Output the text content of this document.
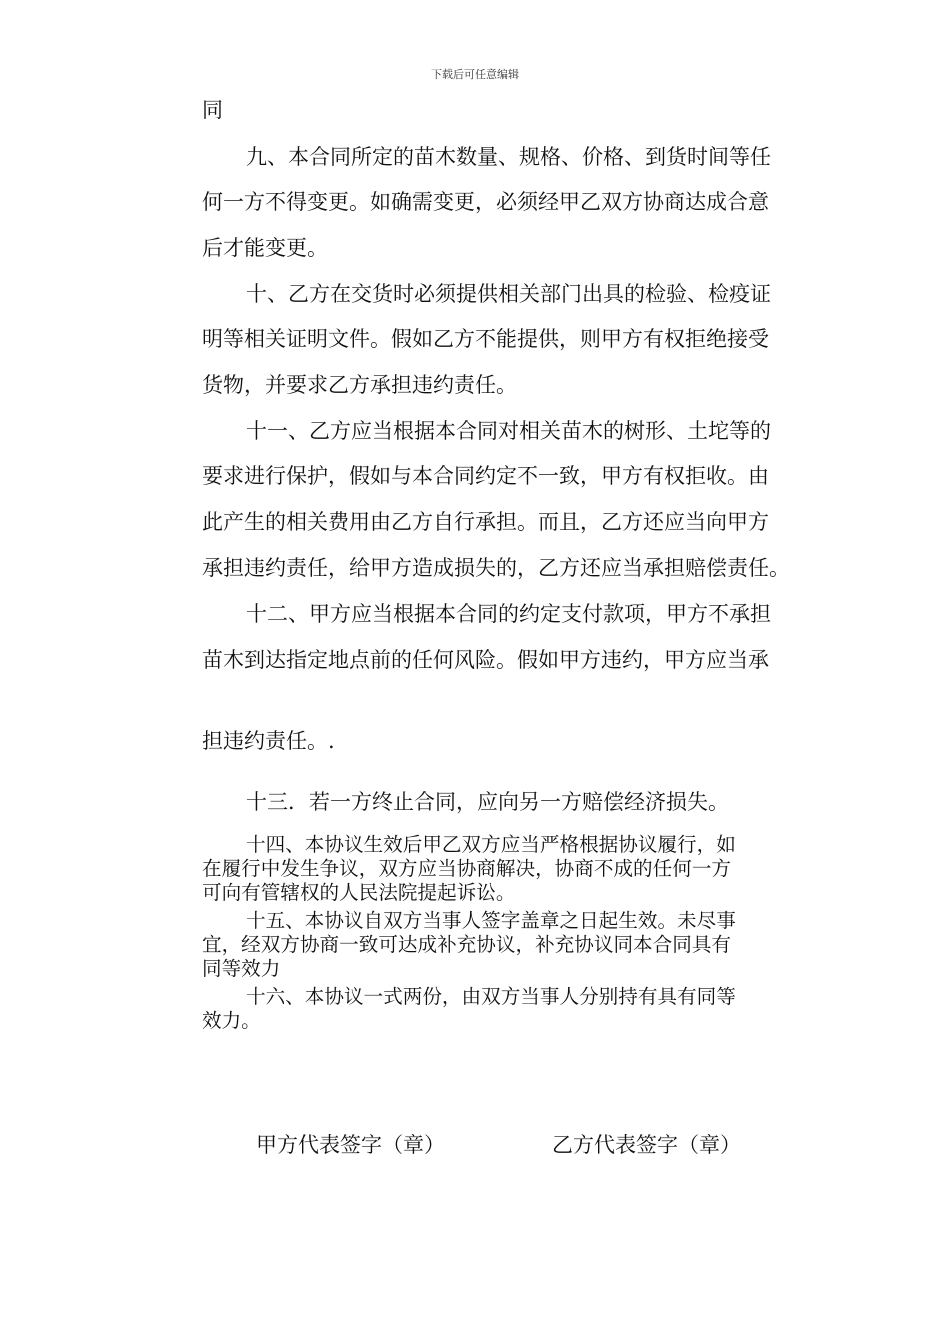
下载后可任意编辑
同
九、本合同所定的苗木数量、规格、价格、到货时间等任
何一方不得变更。如确需变更，必须经甲乙双方协商达成合意
后才能变更。
十、乙方在交货时必须提供相关部门出具的检验、检疫证
明等相关证明文件。假如乙方不能提供，则甲方有权拒绝接受
货物，并要求乙方承担违约责任。
十一、乙方应当根据本合同对相关苗木的树形、土坨等的
要求进行保护，假如与本合同约定不一致，甲方有权拒收。由
此产生的相关费用由乙方自行承担。而且，乙方还应当向甲方
承担违约责任，给甲方造成损失的，乙方还应当承担赔偿责任。
十二、甲方应当根据本合同的约定支付款项，甲方不承担
苗木到达指定地点前的任何风险。假如甲方违约，甲方应当承
担违约责任。.
十三．若一方终止合同，应向另一方赔偿经济损失。
十四、本协议生效后甲乙双方应当严格根据协议履行，如
在履行中发生争议，双方应当协商解决，协商不成的任何一方
可向有管辖权的人民法院提起诉讼。
十五、本协议自双方当事人签字盖章之日起生效。未尽事
宜，经双方协商一致可达成补充协议，补充协议同本合同具有
同等效力
十六、本协议一式两份，由双方当事人分别持有具有同等
效力。
甲方代表签字（章）	乙方代表签字（章）
